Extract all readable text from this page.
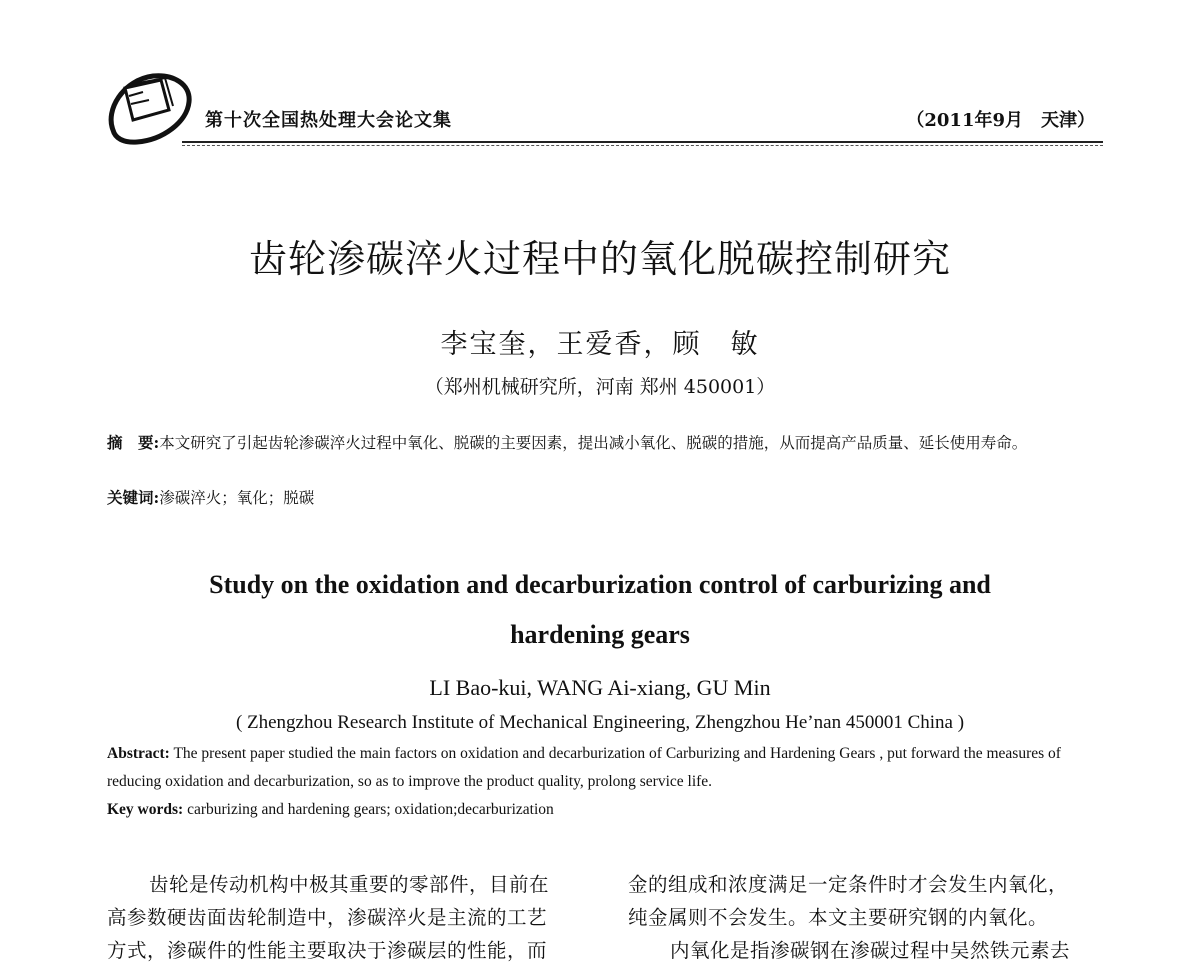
第十次全国热处理大会论文集	（2011年9月　天津）
齿轮渗碳淬火过程中的氧化脱碳控制研究
李宝奎，王爱香，顾　敏
（郑州机械研究所，河南 郑州 450001）
摘　要:本文研究了引起齿轮渗碳淬火过程中氧化、脱碳的主要因素，提出减小氧化、脱碳的措施，从而提高产品质量、延长使用寿命。
关键词:渗碳淬火；氧化；脱碳
Study on the oxidation and decarburization control of carburizing and
hardening gears
LI Bao-kui, WANG Ai-xiang, GU Min
( Zhengzhou Research Institute of Mechanical Engineering, Zhengzhou He’nan 450001 China )
Abstract: The present paper studied the main factors on oxidation and decarburization of Carburizing and Hardening Gears , put forward the measures of reducing oxidation and decarburization, so as to improve the product quality, prolong service life.
Key words: carburizing and hardening gears; oxidation;decarburization
齿轮是传动机构中极其重要的零部件，目前在
高参数硬齿面齿轮制造中，渗碳淬火是主流的工艺
方式，渗碳件的性能主要取决于渗碳层的性能，而
金的组成和浓度满足一定条件时才会发生内氧化，
纯金属则不会发生。本文主要研究钢的内氧化。
内氧化是指渗碳钢在渗碳过程中吴然铁元素去
